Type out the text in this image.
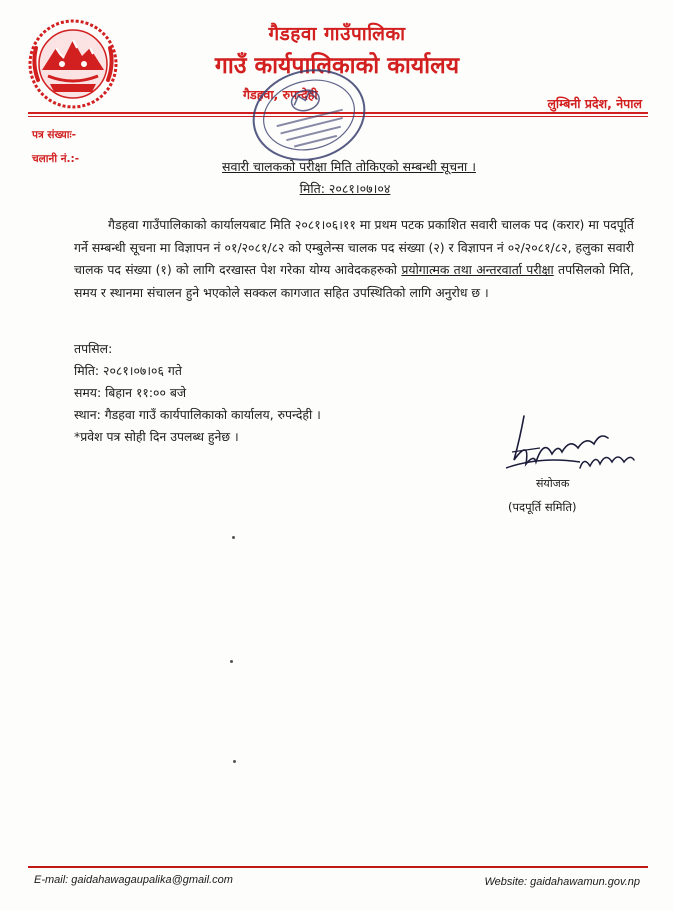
गैडहवा गाउँपालिका
गाउँ कार्यपालिकाको कार्यालय
गैडहवा, रुपन्देही
लुम्बिनी प्रदेश, नेपाल
पत्र संख्याः-
चलानी नं.:-	सवारी चालकको परीक्षा मिति तोकिएको सम्बन्धी सूचना ।
मिति: २०८१।०७।०४
गैडहवा गाउँपालिकाको कार्यालयबाट मिति २०८१।०६।११ मा प्रथम पटक प्रकाशित सवारी चालक पद (करार) मा पदपूर्ति गर्ने सम्बन्धी सूचना मा विज्ञापन नं ०१/२०८१/८२ को एम्बुलेन्स चालक पद संख्या (२) र विज्ञापन नं ०२/२०८१/८२, हलुका सवारी चालक पद संख्या (१) को लागि दरखास्त पेश गरेका योग्य आवेदकहरुको प्रयोगात्मक तथा अन्तरवार्ता परीक्षा तपसिलको मिति, समय र स्थानमा संचालन हुने भएकोले सक्कल कागजात सहित उपस्थितिको लागि अनुरोध छ ।
तपसिल:
मिति: २०८१।०७।०६ गते
समय: बिहान ११:०० बजे
स्थान: गैडहवा गाउँ कार्यपालिकाको कार्यालय, रुपन्देही ।
*प्रवेश पत्र सोही दिन उपलब्ध हुनेछ ।
संयोजक
(पदपूर्ति समिति)
E-mail: gaidahawagaupalika@gmail.com	Website: gaidahawamun.gov.np
